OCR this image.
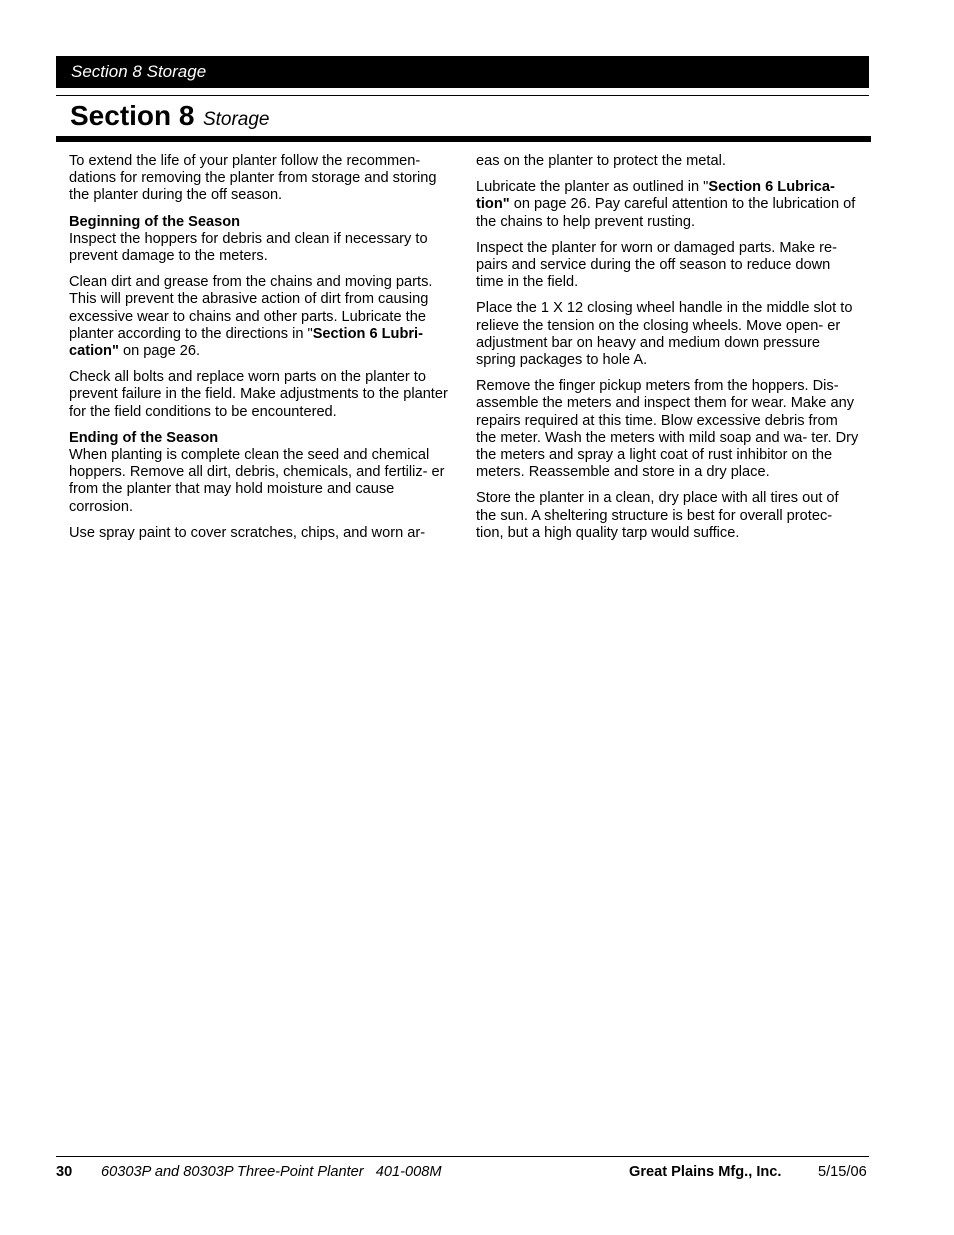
Section 8 Storage
Section 8 Storage

To extend the life of your planter follow the recommen- dations for removing the planter from storage and storing the planter during the off season.

Beginning of the Season

Inspect the hoppers for debris and clean if necessary to prevent damage to the meters.

Clean dirt and grease from the chains and moving parts. This will prevent the abrasive action of dirt from causing excessive wear to chains and other parts. Lubricate the planter according to the directions in "Section 6 Lubri- cation" on page 26.

Check all bolts and replace worn parts on the planter to prevent failure in the field. Make adjustments to the planter for the field conditions to be encountered.

Ending of the Season

When planting is complete clean the seed and chemical hoppers. Remove all dirt, debris, chemicals, and fertiliz- er from the planter that may hold moisture and cause corrosion.

Use spray paint to cover scratches, chips, and worn ar-

eas on the planter to protect the metal.

Lubricate the planter as outlined in "Section 6 Lubrica- tion" on page 26. Pay careful attention to the lubrication of the chains to help prevent rusting.

Inspect the planter for worn or damaged parts. Make re- pairs and service during the off season to reduce down time in the field.

Place the 1 X 12 closing wheel handle in the middle slot to relieve the tension on the closing wheels. Move open- er adjustment bar on heavy and medium down pressure spring packages to hole A.

Remove the finger pickup meters from the hoppers. Dis- assemble the meters and inspect them for wear. Make any repairs required at this time. Blow excessive debris from the meter. Wash the meters with mild soap and wa- ter. Dry the meters and spray a light coat of rust inhibitor on the meters. Reassemble and store in a dry place.

Store the planter in a clean, dry place with all tires out of the sun. A sheltering structure is best for overall protec- tion, but a high quality tarp would suffice.

30 60303P and 80303P Three-Point Planter   401-008M	Great Plains Mfg., Inc.	5/15/06
